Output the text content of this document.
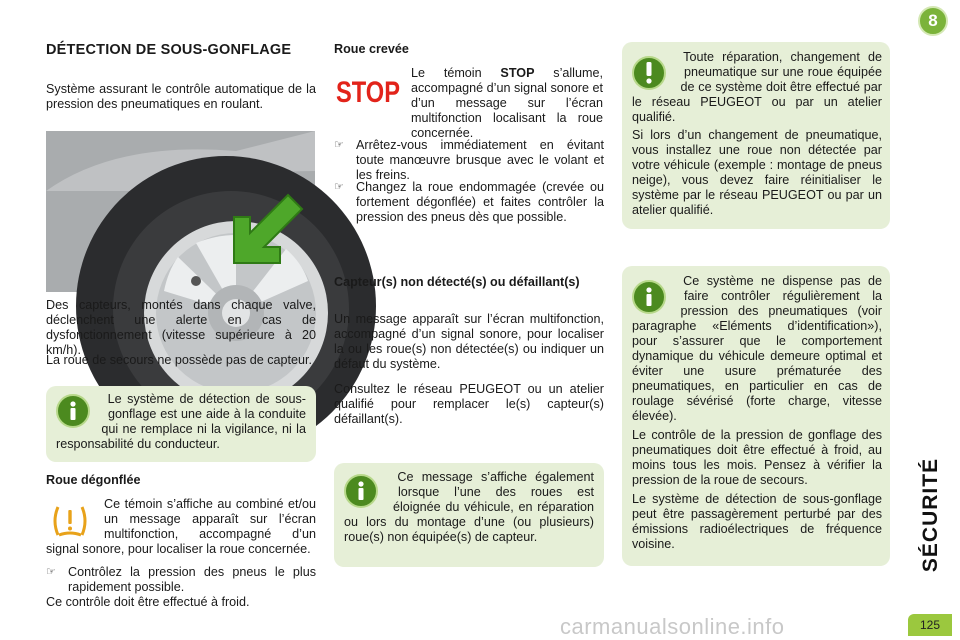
DÉTECTION DE SOUS-GONFLAGE

Système assurant le contrôle automatique de la pression des pneumatiques en roulant.

Des capteurs, montés dans chaque valve, déclenchent une alerte en cas de dysfonctionnement (vitesse supérieure à 20 km/h).

La roue de secours ne possède pas de capteur.

Le système de détection de sous-gonflage est une aide à la conduite qui ne remplace ni la vigilance, ni la responsabilité du conducteur.

Roue dégonflée

Ce témoin s’affiche au combiné et/ou un message apparaît sur l’écran multifonction, accompagné d’un signal sonore, pour localiser la roue concernée.

☞ Contrôlez la pression des pneus le plus rapidement possible.

Ce contrôle doit être effectué à froid.

Roue crevée
STOP

Le témoin STOP s’allume, accompagné d’un signal sonore et d’un message sur l’écran multifonction localisant la roue concernée.

☞ Arrêtez-vous immédiatement en évitant toute manœuvre brusque avec le volant et les freins.
☞ Changez la roue endommagée (crevée ou fortement dégonflée) et faites contrôler la pression des pneus dès que possible.
Capteur(s) non détecté(s) ou défaillant(s)

Un message apparaît sur l’écran multifonction, accompagné d’un signal sonore, pour localiser la ou les roue(s) non détectée(s) ou indiquer un défaut du système.

Consultez le réseau PEUGEOT ou un atelier qualifié pour remplacer le(s) capteur(s) défaillant(s).

Ce message s’affiche également lorsque l’une des roues est éloignée du véhicule, en réparation ou lors du montage d’une (ou plusieurs) roue(s) non équipée(s) de capteur.

Toute réparation, changement de pneumatique sur une roue équipée de ce système doit être effectué par le réseau PEUGEOT ou par un atelier qualifié.

Si lors d’un changement de pneumatique, vous installez une roue non détectée par votre véhicule (exemple : montage de pneus neige), vous devez faire réinitialiser le système par le réseau PEUGEOT ou par un atelier qualifié.

Ce système ne dispense pas de faire contrôler régulièrement la pression des pneumatiques (voir paragraphe «Eléments d’identification»), pour s’assurer que le comportement dynamique du véhicule demeure optimal et éviter une usure prématurée des pneumatiques, en particulier en cas de roulage sévérisé (forte charge, vitesse élevée).

Le contrôle de la pression de gonflage des pneumatiques doit être effectué à froid, au moins tous les mois. Pensez à vérifier la pression de la roue de secours.

Le système de détection de sous-gonflage peut être passagèrement perturbé par des émissions radioélectriques de fréquence voisine.

8
SÉCURITÉ
125
carmanualsonline.info
